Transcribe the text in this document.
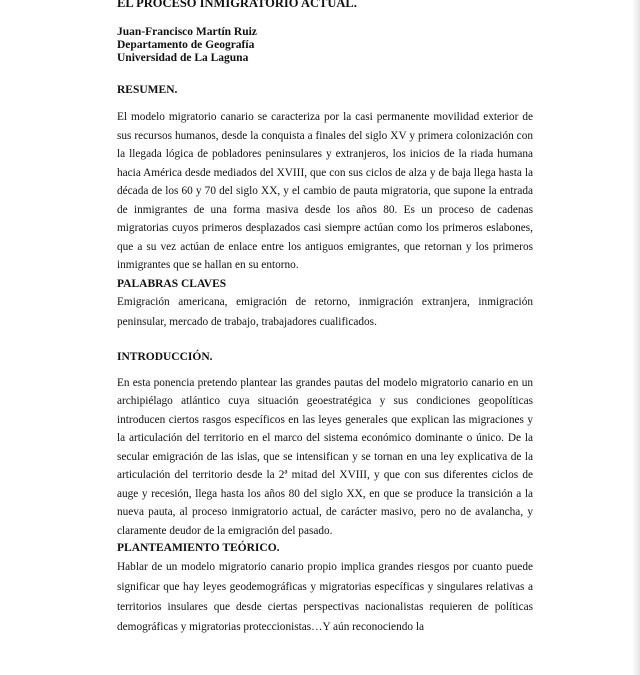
EL PROCESO INMIGRATORIO ACTUAL.
Juan-Francisco Martín Ruiz
Departamento de Geografía
Universidad de La Laguna
RESUMEN.
El modelo migratorio canario se caracteriza por la casi permanente movilidad exterior de sus recursos humanos, desde la conquista a finales del siglo XV y primera colonización con la llegada lógica de pobladores peninsulares y extranjeros, los inicios de la riada humana hacia América desde mediados del XVIII, que con sus ciclos de alza y de baja llega hasta la década de los 60 y 70 del siglo XX, y el cambio de pauta migratoria, que supone la entrada de inmigrantes de una forma masiva desde los años 80. Es un proceso de cadenas migratorias cuyos primeros desplazados casi siempre actúan como los primeros eslabones, que a su vez actúan de enlace entre los antiguos emigrantes, que retornan y los primeros inmigrantes que se hallan en su entorno.
PALABRAS CLAVES
Emigración americana, emigración de retorno, inmigración extranjera, inmigración peninsular, mercado de trabajo, trabajadores cualificados.
INTRODUCCIÓN.
En esta ponencia pretendo plantear las grandes pautas del modelo migratorio canario en un archipiélago atlántico cuya situación geoestratégica y sus condiciones geopolíticas introducen ciertos rasgos específicos en las leyes generales que explican las migraciones y la articulación del territorio en el marco del sistema económico dominante o único. De la secular emigración de las islas, que se intensifican y se tornan en una ley explicativa de la articulación del territorio desde la 2ª mitad del XVIII, y que con sus diferentes ciclos de auge y recesión, llega hasta los años 80 del siglo XX, en que se produce la transición a la nueva pauta, al proceso inmigratorio actual, de carácter masivo, pero no de avalancha, y claramente deudor de la emigración del pasado.
PLANTEAMIENTO TEÓRICO.
Hablar de un modelo migratorio canario propio implica grandes riesgos por cuanto puede significar que hay leyes geodemográficas y migratorias específicas y singulares relativas a territorios insulares que desde ciertas perspectivas nacionalistas requieren de políticas demográficas y migratorias proteccionistas…Y aún reconociendo la
